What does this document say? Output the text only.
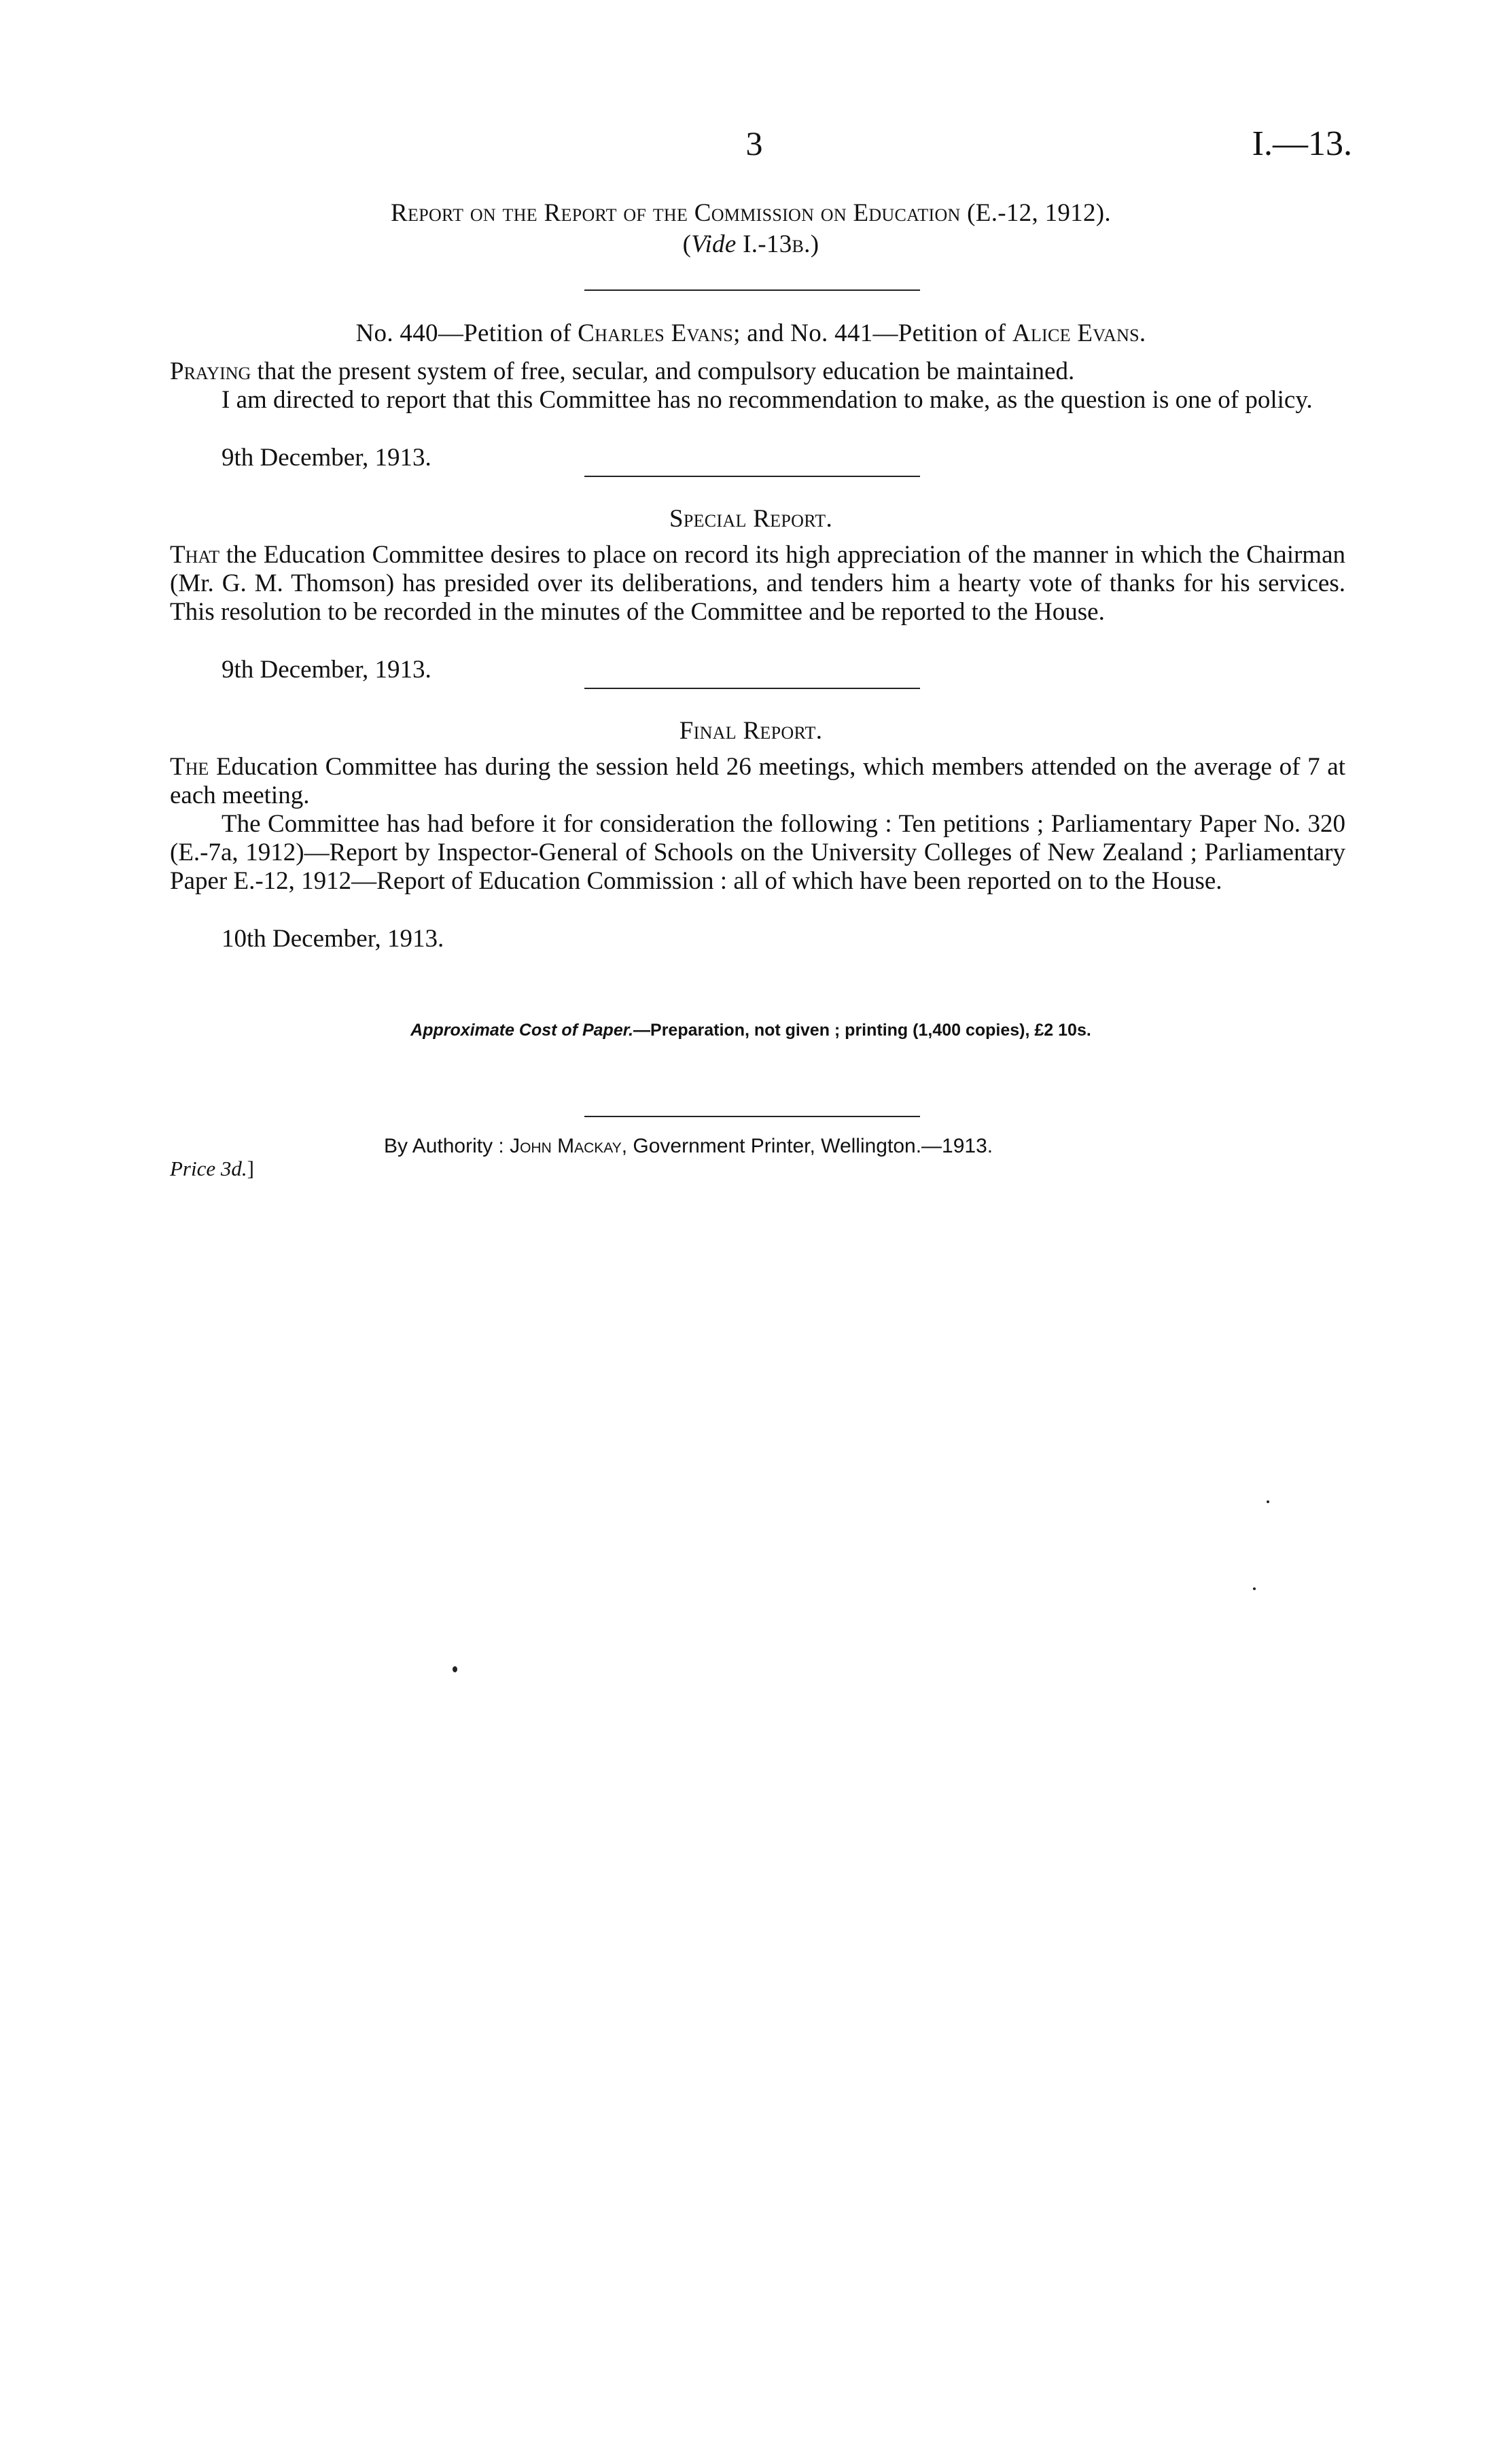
3	I.—13.
Report on the Report of the Commission on Education (E.-12, 1912).
(Vide I.-13b.)
No. 440—Petition of Charles Evans; and No. 441—Petition of Alice Evans.
Praying that the present system of free, secular, and compulsory education be maintained.
I am directed to report that this Committee has no recommendation to make, as the question is one of policy.
9th December, 1913.
Special Report.
That the Education Committee desires to place on record its high appreciation of the manner in which the Chairman (Mr. G. M. Thomson) has presided over its deliberations, and tenders him a hearty vote of thanks for his services. This resolution to be recorded in the minutes of the Committee and be reported to the House.
9th December, 1913.
Final Report.
The Education Committee has during the session held 26 meetings, which members attended on the average of 7 at each meeting.
The Committee has had before it for consideration the following : Ten petitions ; Parliamentary Paper No. 320 (E.-7a, 1912)—Report by Inspector-General of Schools on the University Colleges of New Zealand ; Parliamentary Paper E.-12, 1912—Report of Education Commission : all of which have been reported on to the House.
10th December, 1913.
Approximate Cost of Paper.—Preparation, not given ; printing (1,400 copies), £2 10s.
By Authority : John Mackay, Government Printer, Wellington.—1913.
Price 3d.]
